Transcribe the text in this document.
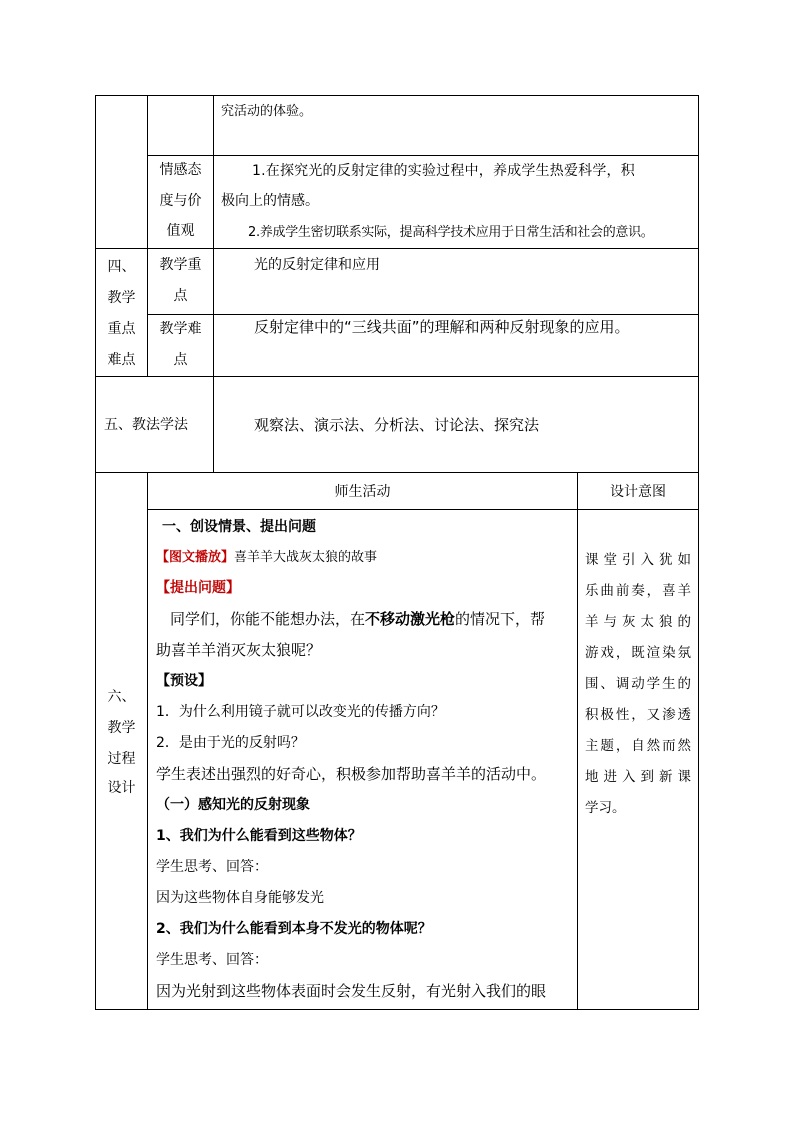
究活动的体验。
情感态
度与价
值观
1.在探究光的反射定律的实验过程中，养成学生热爱科学，积
极向上的情感。
2.养成学生密切联系实际，提高科学技术应用于日常生活和社会的意识。
四、
教学
重点
难点
教学重
点
光的反射定律和应用
教学难
点
反射定律中的“三线共面”的理解和两种反射现象的应用。
五、教法学法	观察法、演示法、分析法、讨论法、探究法
六、
教学
过程
设计
师生活动	设计意图
一、创设情景、提出问题
【图文播放】喜羊羊大战灰太狼的故事
【提出问题】
同学们，你能不能想办法，在不移动激光枪的情况下，帮
助喜羊羊消灭灰太狼呢？
【预设】
1．为什么利用镜子就可以改变光的传播方向？
2．是由于光的反射吗？
学生表述出强烈的好奇心，积极参加帮助喜羊羊的活动中。
（一）感知光的反射现象
1、我们为什么能看到这些物体？
学生思考、回答：
因为这些物体自身能够发光
2、我们为什么能看到本身不发光的物体呢？
学生思考、回答：
因为光射到这些物体表面时会发生反射，有光射入我们的眼
课堂引入犹如
乐曲前奏，喜羊
羊与灰太狼的
游戏，既渲染氛
围、调动学生的
积极性，又渗透
主题，自然而然
地进入到新课
学习。
